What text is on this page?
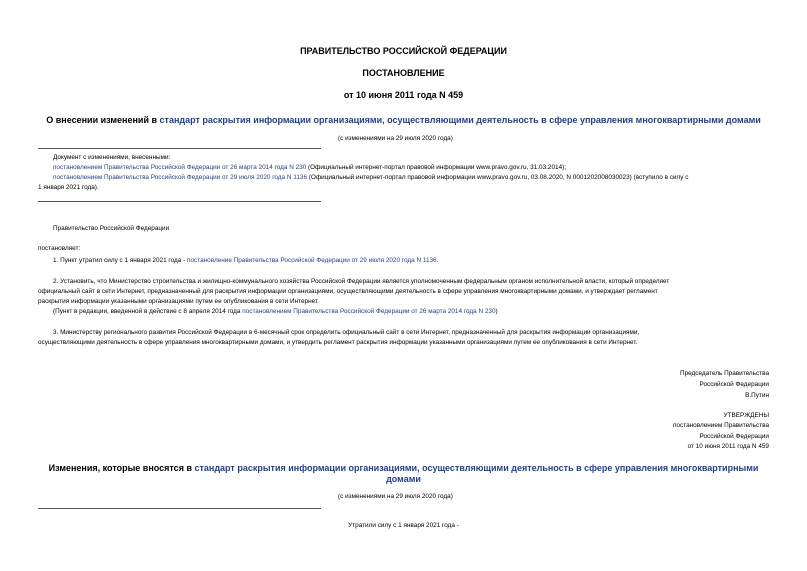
ПРАВИТЕЛЬСТВО РОССИЙСКОЙ ФЕДЕРАЦИИ
ПОСТАНОВЛЕНИЕ
от 10 июня 2011 года N 459
О внесении изменений в стандарт раскрытия информации организациями, осуществляющими деятельность в сфере управления многоквартирными домами
(с изменениями на 29 июля 2020 года)
Документ с изменениями, внесенными:
постановлением Правительства Российской Федерации от 26 марта 2014 года N 230 (Официальный интернет-портал правовой информации www.pravo.gov.ru, 31.03.2014);
постановлением Правительства Российской Федерации от 29 июля 2020 года N 1136 (Официальный интернет-портал правовой информации www.pravo.gov.ru, 03.08.2020, N 0001202008030023) (вступило в силу с
1 января 2021 года).
Правительство Российской Федерации
постановляет:
1. Пункт утратил силу с 1 января 2021 года - постановление Правительства Российской Федерации от 29 июля 2020 года N 1136.
2. Установить, что Министерство строительства и жилищно-коммунального хозяйства Российской Федерации является уполномоченным федеральным органом исполнительной власти, который определяет
официальный сайт в сети Интернет, предназначенный для раскрытия информации организациями, осуществляющими деятельность в сфере управления многоквартирными домами, и утверждает регламент
раскрытия информации указанными организациями путем ее опубликования в сети Интернет.
(Пункт в редакции, введенной в действие с 8 апреля 2014 года постановлением Правительства Российской Федерации от 26 марта 2014 года N 230)
3. Министерству регионального развития Российской Федерации в 6-месячный срок определить официальный сайт в сети Интернет, предназначенный для раскрытия информации организациями,
осуществляющими деятельность в сфере управления многоквартирными домами, и утвердить регламент раскрытия информации указанными организациями путем ее опубликования в сети Интернет.
Председатель Правительства
Российской Федерации
В.Путин
УТВЕРЖДЕНЫ
постановлением Правительства
Российской Федерации
от 10 июня 2011 года N 459
Изменения, которые вносятся в стандарт раскрытия информации организациями, осуществляющими деятельность в сфере управления многоквартирными
домами
(с изменениями на 29 июля 2020 года)
Утратили силу с 1 января 2021 года -
